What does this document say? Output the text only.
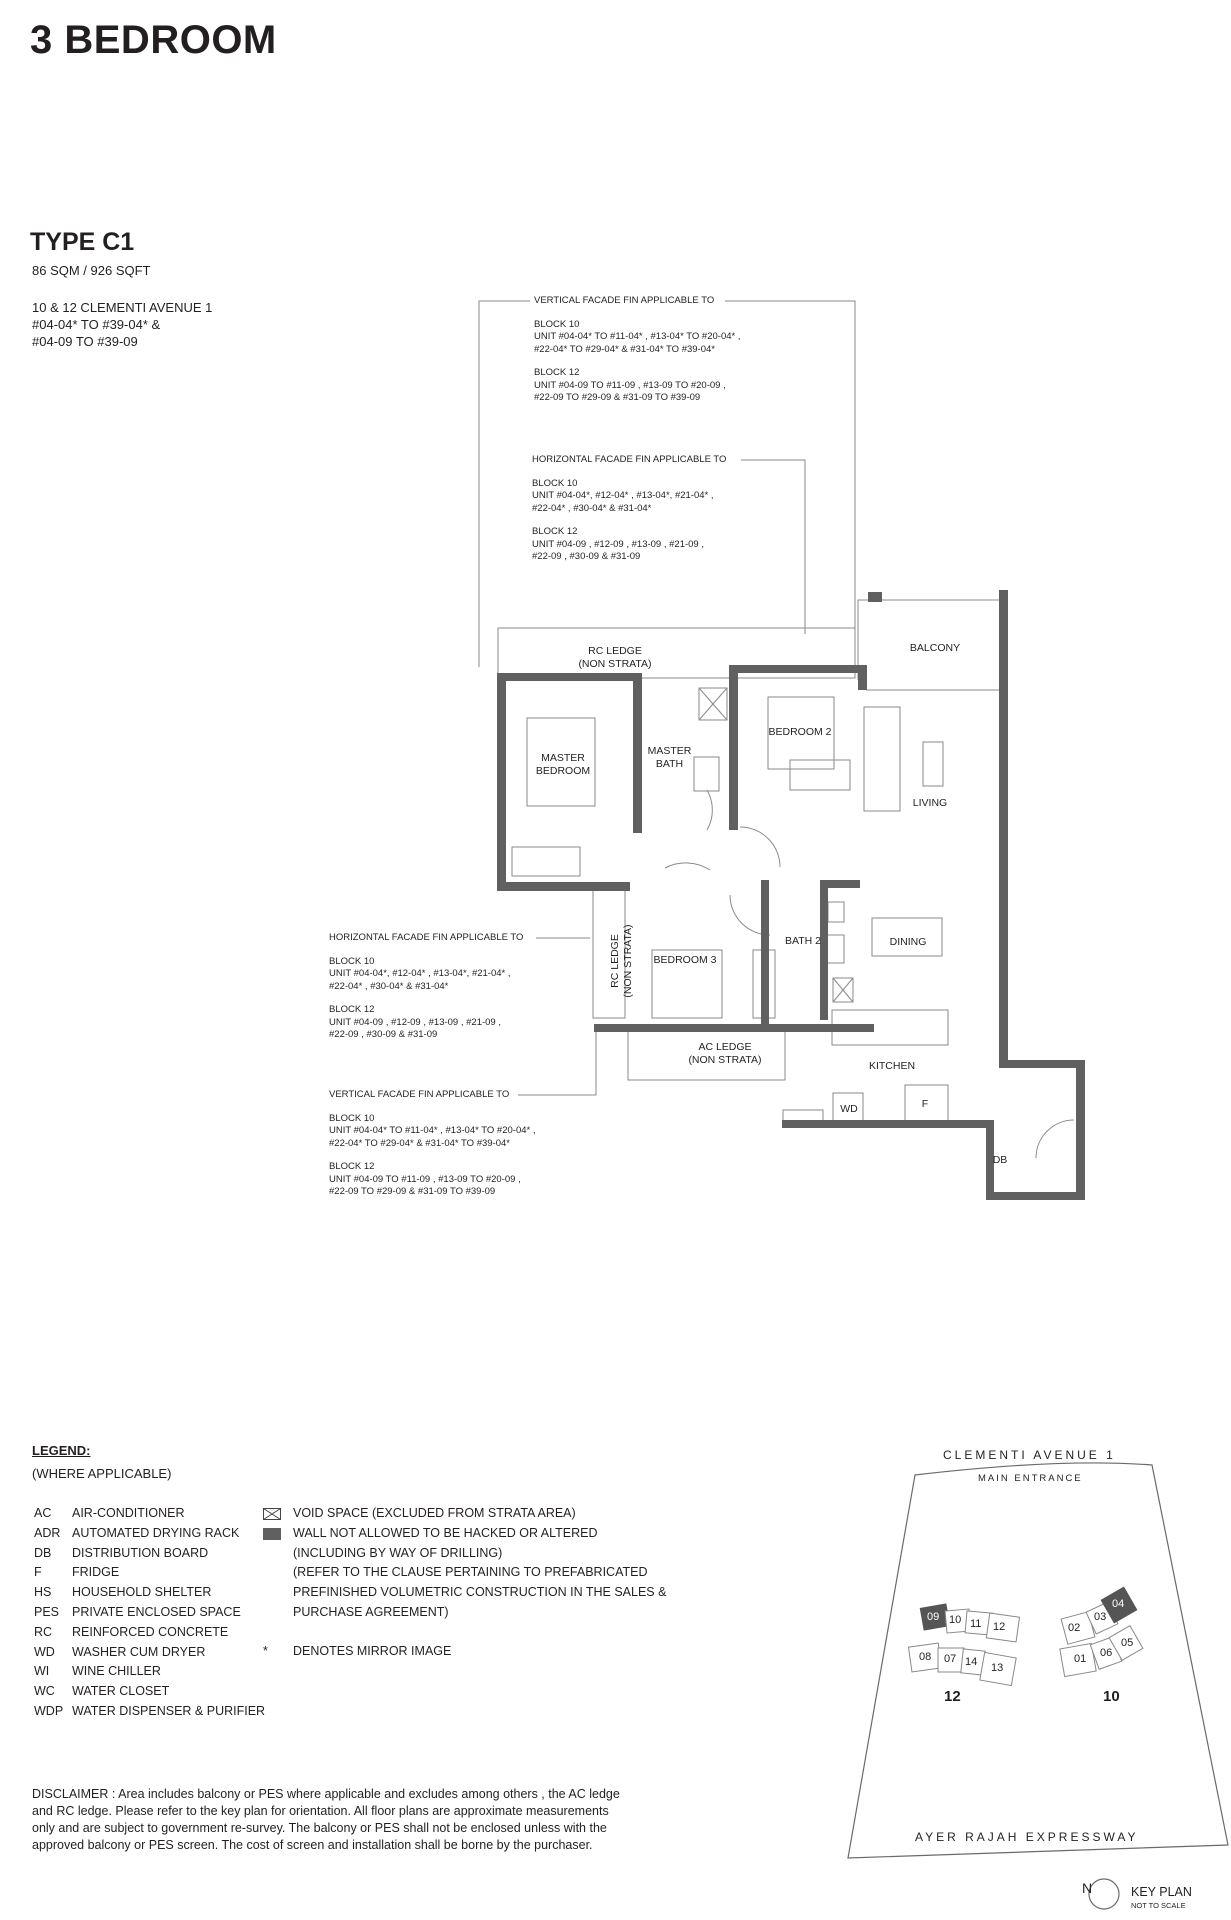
3 BEDROOM
TYPE C1
86 SQM / 926 SQFT
10 & 12 CLEMENTI AVENUE 1
#04-04* TO #39-04* &
#04-09 TO #39-09
VERTICAL FACADE FIN APPLICABLE TO
BLOCK 10
UNIT #04-04* TO #11-04* , #13-04* TO #20-04* ,
#22-04* TO #29-04* & #31-04* TO #39-04*
BLOCK 12
UNIT #04-09 TO #11-09 , #13-09 TO #20-09 ,
#22-09 TO #29-09 & #31-09 TO #39-09
HORIZONTAL FACADE FIN APPLICABLE TO
BLOCK 10
UNIT #04-04*, #12-04* , #13-04*, #21-04* ,
#22-04* , #30-04* & #31-04*
BLOCK 12
UNIT #04-09 , #12-09 , #13-09 , #21-09 ,
#22-09 , #30-09 & #31-09
HORIZONTAL FACADE FIN APPLICABLE TO
BLOCK 10
UNIT #04-04*, #12-04* , #13-04*, #21-04* ,
#22-04* , #30-04* & #31-04*
BLOCK 12
UNIT #04-09 , #12-09 , #13-09 , #21-09 ,
#22-09 , #30-09 & #31-09
VERTICAL FACADE FIN APPLICABLE TO
BLOCK 10
UNIT #04-04* TO #11-04* , #13-04* TO #20-04* ,
#22-04* TO #29-04* & #31-04* TO #39-04*
BLOCK 12
UNIT #04-09 TO #11-09 , #13-09 TO #20-09 ,
#22-09 TO #29-09 & #31-09 TO #39-09
RC LEDGE
(NON STRATA)
BALCONY
MASTER
BEDROOM
MASTER
BATH
BEDROOM 2
LIVING
RC LEDGE (NON STRATA)	BEDROOM 3
BATH 2	DINING
AC LEDGE
(NON STRATA)	KITCHEN
WD	F
DB
LEGEND:
(WHERE APPLICABLE)
AC	AIR-CONDITIONER
ADR AUTOMATED DRYING RACK
DB	DISTRIBUTION BOARD
F	FRIDGE
HS	HOUSEHOLD SHELTER
PES	PRIVATE ENCLOSED SPACE
RC	REINFORCED CONCRETE
WD	WASHER CUM DRYER
WI	WINE CHILLER
WC	WATER CLOSET
WDP WATER DISPENSER & PURIFIER
VOID SPACE (EXCLUDED FROM STRATA AREA)
WALL NOT ALLOWED TO BE HACKED OR ALTERED
(INCLUDING BY WAY OF DRILLING)
(REFER TO THE CLAUSE PERTAINING TO PREFABRICATED
PREFINISHED VOLUMETRIC CONSTRUCTION IN THE SALES &
PURCHASE AGREEMENT)
*	DENOTES MIRROR IMAGE
DISCLAIMER : Area includes balcony or PES where applicable and excludes among others , the AC ledge
and RC ledge. Please refer to the key plan for orientation. All floor plans are approximate measurements
only and are subject to government re-survey. The balcony or PES shall not be enclosed unless with the
approved balcony or PES screen. The cost of screen and installation shall be borne by the purchaser.
CLEMENTI AVENUE 1
MAIN ENTRANCE
AYER RAJAH EXPRESSWAY
N	KEY PLAN
NOT TO SCALE
12	10
09 10 11 12
08 07 14 13
02
03
04
01 06
05
